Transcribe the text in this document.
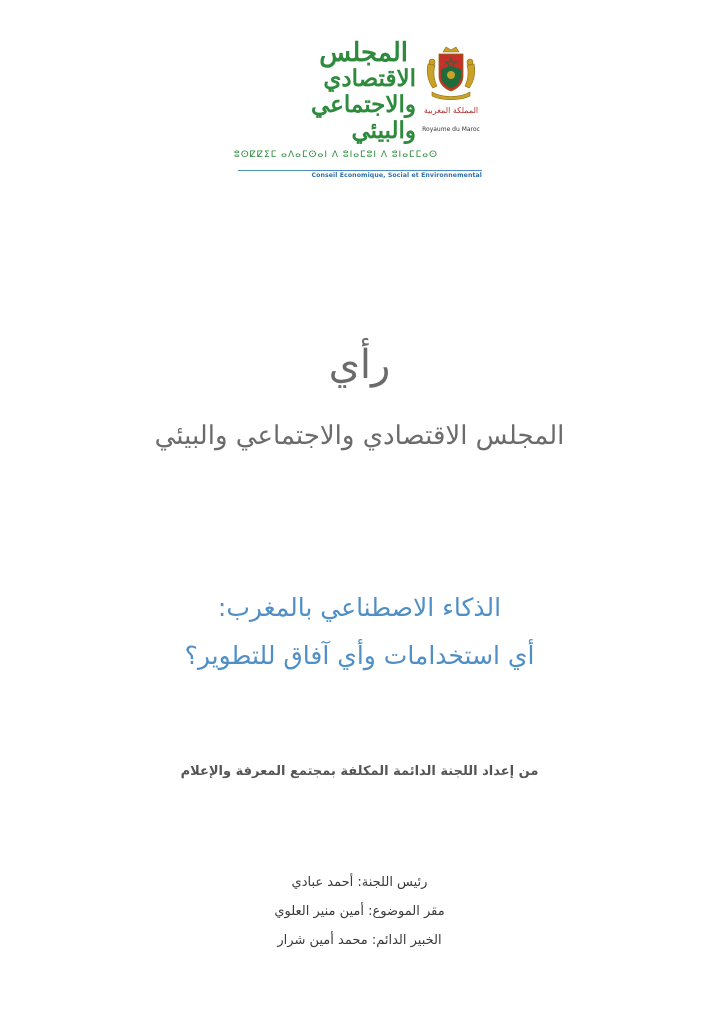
المجلس
الاقتصادي
والاجتماعي
والبيئي
المملكة المغربية
Royaume du Maroc
ⵓⵙⵇⵇⵉⵎ ⴰⴷⴰⵎⵙⴰⵏ ⴷ ⵓⵏⴰⵎⵓⵏ ⴷ ⵓⵏⴰⵎⵎⴰⵙ
Conseil Economique, Social et Environnemental
رأي
المجلس الاقتصادي والاجتماعي والبيئي
الذكاء الاصطناعي بالمغرب:
أي استخدامات وأي آفاق للتطوير؟
من إعداد اللجنة الدائمة المكلفة بمجتمع المعرفة والإعلام
رئيس اللجنة: أحمد عبادي
مقر الموضوع: أمين منير العلوي
الخبير الدائم: محمد أمين شرار
